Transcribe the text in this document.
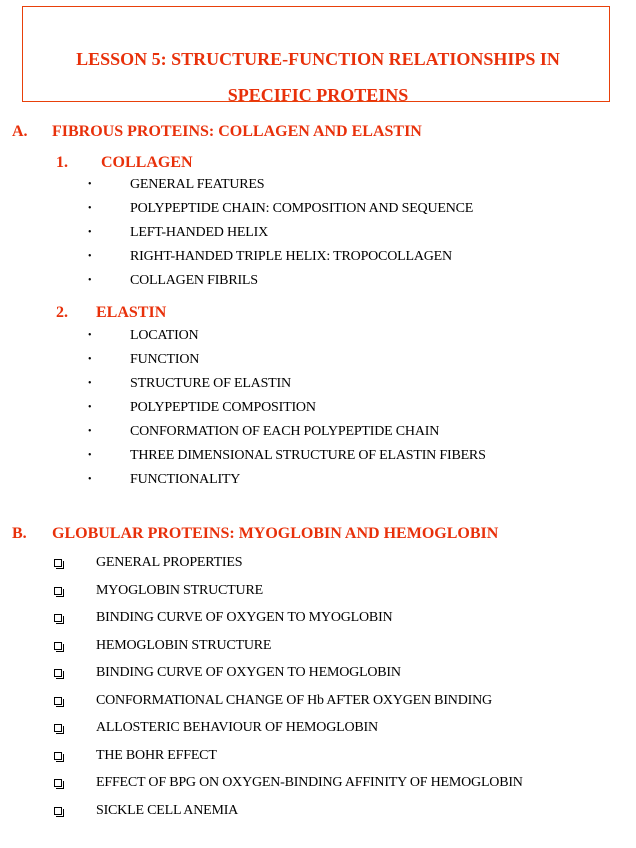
LESSON 5: STRUCTURE-FUNCTION RELATIONSHIPS IN
SPECIFIC PROTEINS
A. FIBROUS PROTEINS: COLLAGEN AND ELASTIN
1. COLLAGEN
•	GENERAL FEATURES
•	POLYPEPTIDE CHAIN: COMPOSITION AND SEQUENCE
•	LEFT-HANDED HELIX
•	RIGHT-HANDED TRIPLE HELIX: TROPOCOLLAGEN
•	COLLAGEN FIBRILS
2. ELASTIN
•	LOCATION
•	FUNCTION
•	STRUCTURE OF ELASTIN
•	POLYPEPTIDE COMPOSITION
•	CONFORMATION OF EACH POLYPEPTIDE CHAIN
•	THREE DIMENSIONAL STRUCTURE OF ELASTIN FIBERS
•	FUNCTIONALITY
B. GLOBULAR PROTEINS: MYOGLOBIN AND HEMOGLOBIN
GENERAL PROPERTIES
MYOGLOBIN STRUCTURE
BINDING CURVE OF OXYGEN TO MYOGLOBIN
HEMOGLOBIN STRUCTURE
BINDING CURVE OF OXYGEN TO HEMOGLOBIN
CONFORMATIONAL CHANGE OF Hb AFTER OXYGEN BINDING
ALLOSTERIC BEHAVIOUR OF HEMOGLOBIN
THE BOHR EFFECT
EFFECT OF BPG ON OXYGEN-BINDING AFFINITY OF HEMOGLOBIN
SICKLE CELL ANEMIA
